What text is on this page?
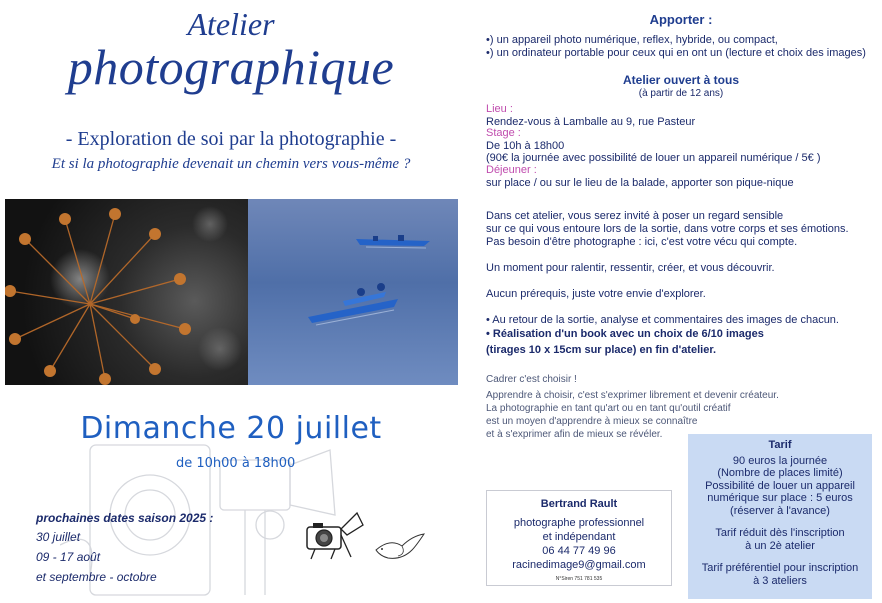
Atelier
photographique
- Exploration de soi par la photographie -
Et si la photographie devenait un chemin vers vous-même ?
Dimanche 20 juillet
de 10h00 à 18h00
prochaines dates saison 2025 :
30 juillet
09 - 17 août
et septembre - octobre
Apporter :
•) un appareil photo numérique, reflex, hybride, ou compact,
•) un ordinateur portable pour ceux qui en ont un (lecture et choix des images)
Atelier ouvert à tous
(à partir de 12 ans)
Lieu :
Rendez-vous à Lamballe au 9, rue Pasteur
Stage :
De 10h à 18h00
(90€ la journée avec possibilité de louer un appareil numérique / 5€ )
Déjeuner :
sur place / ou sur le lieu de la balade, apporter son pique-nique
Dans cet atelier, vous serez invité à poser un regard sensible
sur ce qui vous entoure lors de la sortie, dans votre corps et ses émotions.
Pas besoin d'être photographe : ici, c'est votre vécu qui compte.
Un moment pour ralentir, ressentir, créer, et vous découvrir.
Aucun prérequis, juste votre envie d'explorer.
• Au retour de la sortie, analyse et commentaires des images de chacun.
• Réalisation d'un book avec un choix de 6/10 images
(tirages 10 x 15cm sur place) en fin d'atelier.
Cadrer c'est choisir !
Apprendre à choisir, c'est s'exprimer librement et devenir créateur.
La photographie en tant qu'art ou en tant qu'outil créatif
est un moyen d'apprendre à mieux se connaître
et à s'exprimer afin de mieux se révéler.
Bertrand Rault
photographe professionnel
et indépendant
06 44 77 49 96
racinedimage9@gmail.com
N°Siren 751 781 535
Tarif
90 euros la journée
(Nombre de places limité)
Possibilité de louer un appareil
numérique sur place : 5 euros
(réserver à l'avance)
Tarif réduit dès l'inscription
à un 2è atelier
Tarif préférentiel pour inscription
à 3 ateliers
